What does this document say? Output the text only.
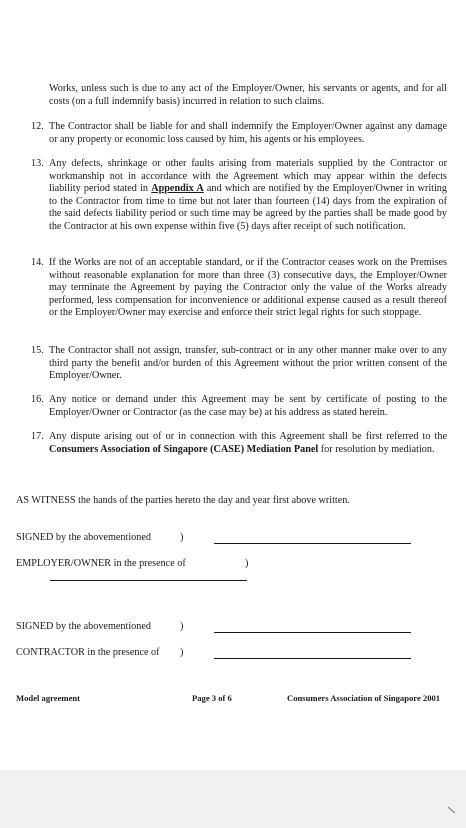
Works, unless such is due to any act of the Employer/Owner, his servants or agents, and for all costs (on a full indemnify basis) incurred in relation to such claims.
12. The Contractor shall be liable for and shall indemnify the Employer/Owner against any damage or any property or economic loss caused by him, his agents or his employees.
13. Any defects, shrinkage or other faults arising from materials supplied by the Contractor or workmanship not in accordance with the Agreement which may appear within the defects liability period stated in Appendix A and which are notified by the Employer/Owner in writing to the Contractor from time to time but not later than fourteen (14) days from the expiration of the said defects liability period or such time may be agreed by the parties shall be made good by the Contractor at his own expense within five (5) days after receipt of such notification.
14. If the Works are not of an acceptable standard, or if the Contractor ceases work on the Premises without reasonable explanation for more than three (3) consecutive days, the Employer/Owner may terminate the Agreement by paying the Contractor only the value of the Works already performed, less compensation for inconvenience or additional expense caused as a result thereof or the Employer/Owner may exercise and enforce their strict legal rights for such stoppage.
15. The Contractor shall not assign, transfer, sub-contract or in any other manner make over to any third party the benefit and/or burden of this Agreement without the prior written consent of the Employer/Owner.
16. Any notice or demand under this Agreement may be sent by certificate of posting to the Employer/Owner or Contractor (as the case may be) at his address as stated herein.
17. Any dispute arising out of or in connection with this Agreement shall be first referred to the Consumers Association of Singapore (CASE) Mediation Panel for resolution by mediation.
AS WITNESS the hands of the parties hereto the day and year first above written.
SIGNED by the abovementioned	)
EMPLOYER/OWNER in the presence of	)
SIGNED by the abovementioned	)
CONTRACTOR in the presence of )
Model agreement	Page 3 of 6	Consumers Association of Singapore 2001
